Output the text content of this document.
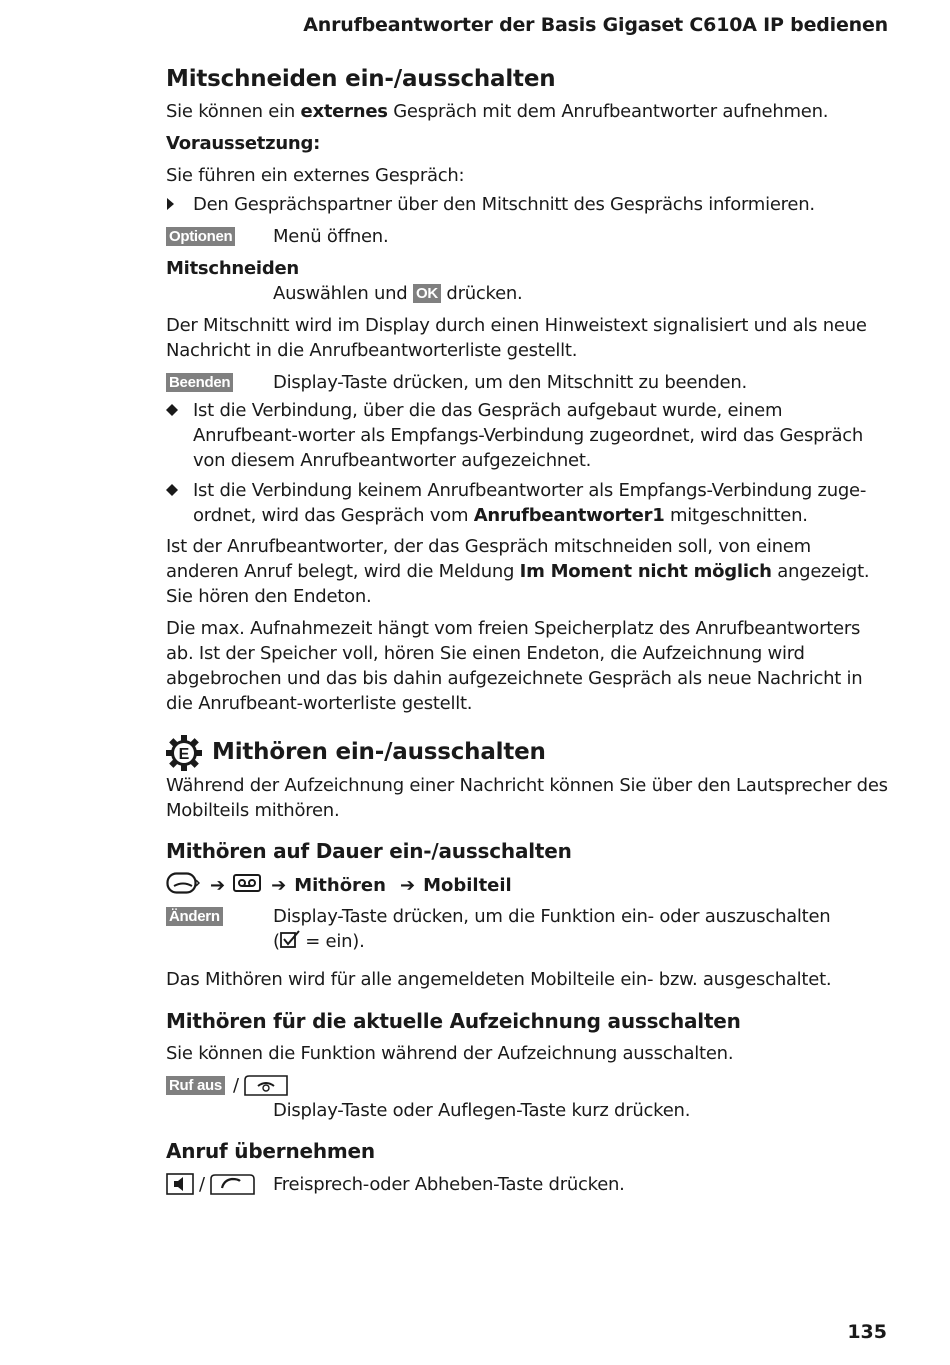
Anrufbeantworter der Basis Gigaset C610A IP bedienen
Mitschneiden ein-/ausschalten

Sie können ein externes Gespräch mit dem Anrufbeantworter aufnehmen.

Voraussetzung:

Sie führen ein externes Gespräch:

Den Gesprächspartner über den Mitschnitt des Gesprächs informieren.
Optionen Menü öffnen.

Mitschneiden

Auswählen und OK drücken.

Der Mitschnitt wird im Display durch einen Hinweistext signalisiert und als neue Nachricht in die Anrufbeantworterliste gestellt.

Beenden Display-Taste drücken, um den Mitschnitt zu beenden.
Ist die Verbindung, über die das Gespräch aufgebaut wurde, einem Anrufbeant-worter als Empfangs-Verbindung zugeordnet, wird das Gespräch von diesem Anrufbeantworter aufgezeichnet.
Ist die Verbindung keinem Anrufbeantworter als Empfangs-Verbindung zuge-ordnet, wird das Gespräch vom Anrufbeantworter1 mitgeschnitten.

Ist der Anrufbeantworter, der das Gespräch mitschneiden soll, von einem anderen Anruf belegt, wird die Meldung Im Moment nicht möglich angezeigt. Sie hören den Endeton.

Die max. Aufnahmezeit hängt vom freien Speicherplatz des Anrufbeantworters ab. Ist der Speicher voll, hören Sie einen Endeton, die Aufzeichnung wird abgebrochen und das bis dahin aufgezeichnete Gespräch als neue Nachricht in die Anrufbeant-worterliste gestellt.

E Mithören ein-/ausschalten

Während der Aufzeichnung einer Nachricht können Sie über den Lautsprecher des Mobilteils mithören.

Mithören auf Dauer ein-/ausschalten
➔	➔ Mithören ➔ Mobilteil
Ändern	Display-Taste drücken, um die Funktion ein- oder auszuschalten
( = ein).

Das Mithören wird für alle angemeldeten Mobilteile ein- bzw. ausgeschaltet.

Mithören für die aktuelle Aufzeichnung ausschalten

Sie können die Funktion während der Aufzeichnung ausschalten.

Ruf aus /

Display-Taste oder Auflegen-Taste kurz drücken.

Anruf übernehmen
/	Freisprech-oder Abheben-Taste drücken.
135
